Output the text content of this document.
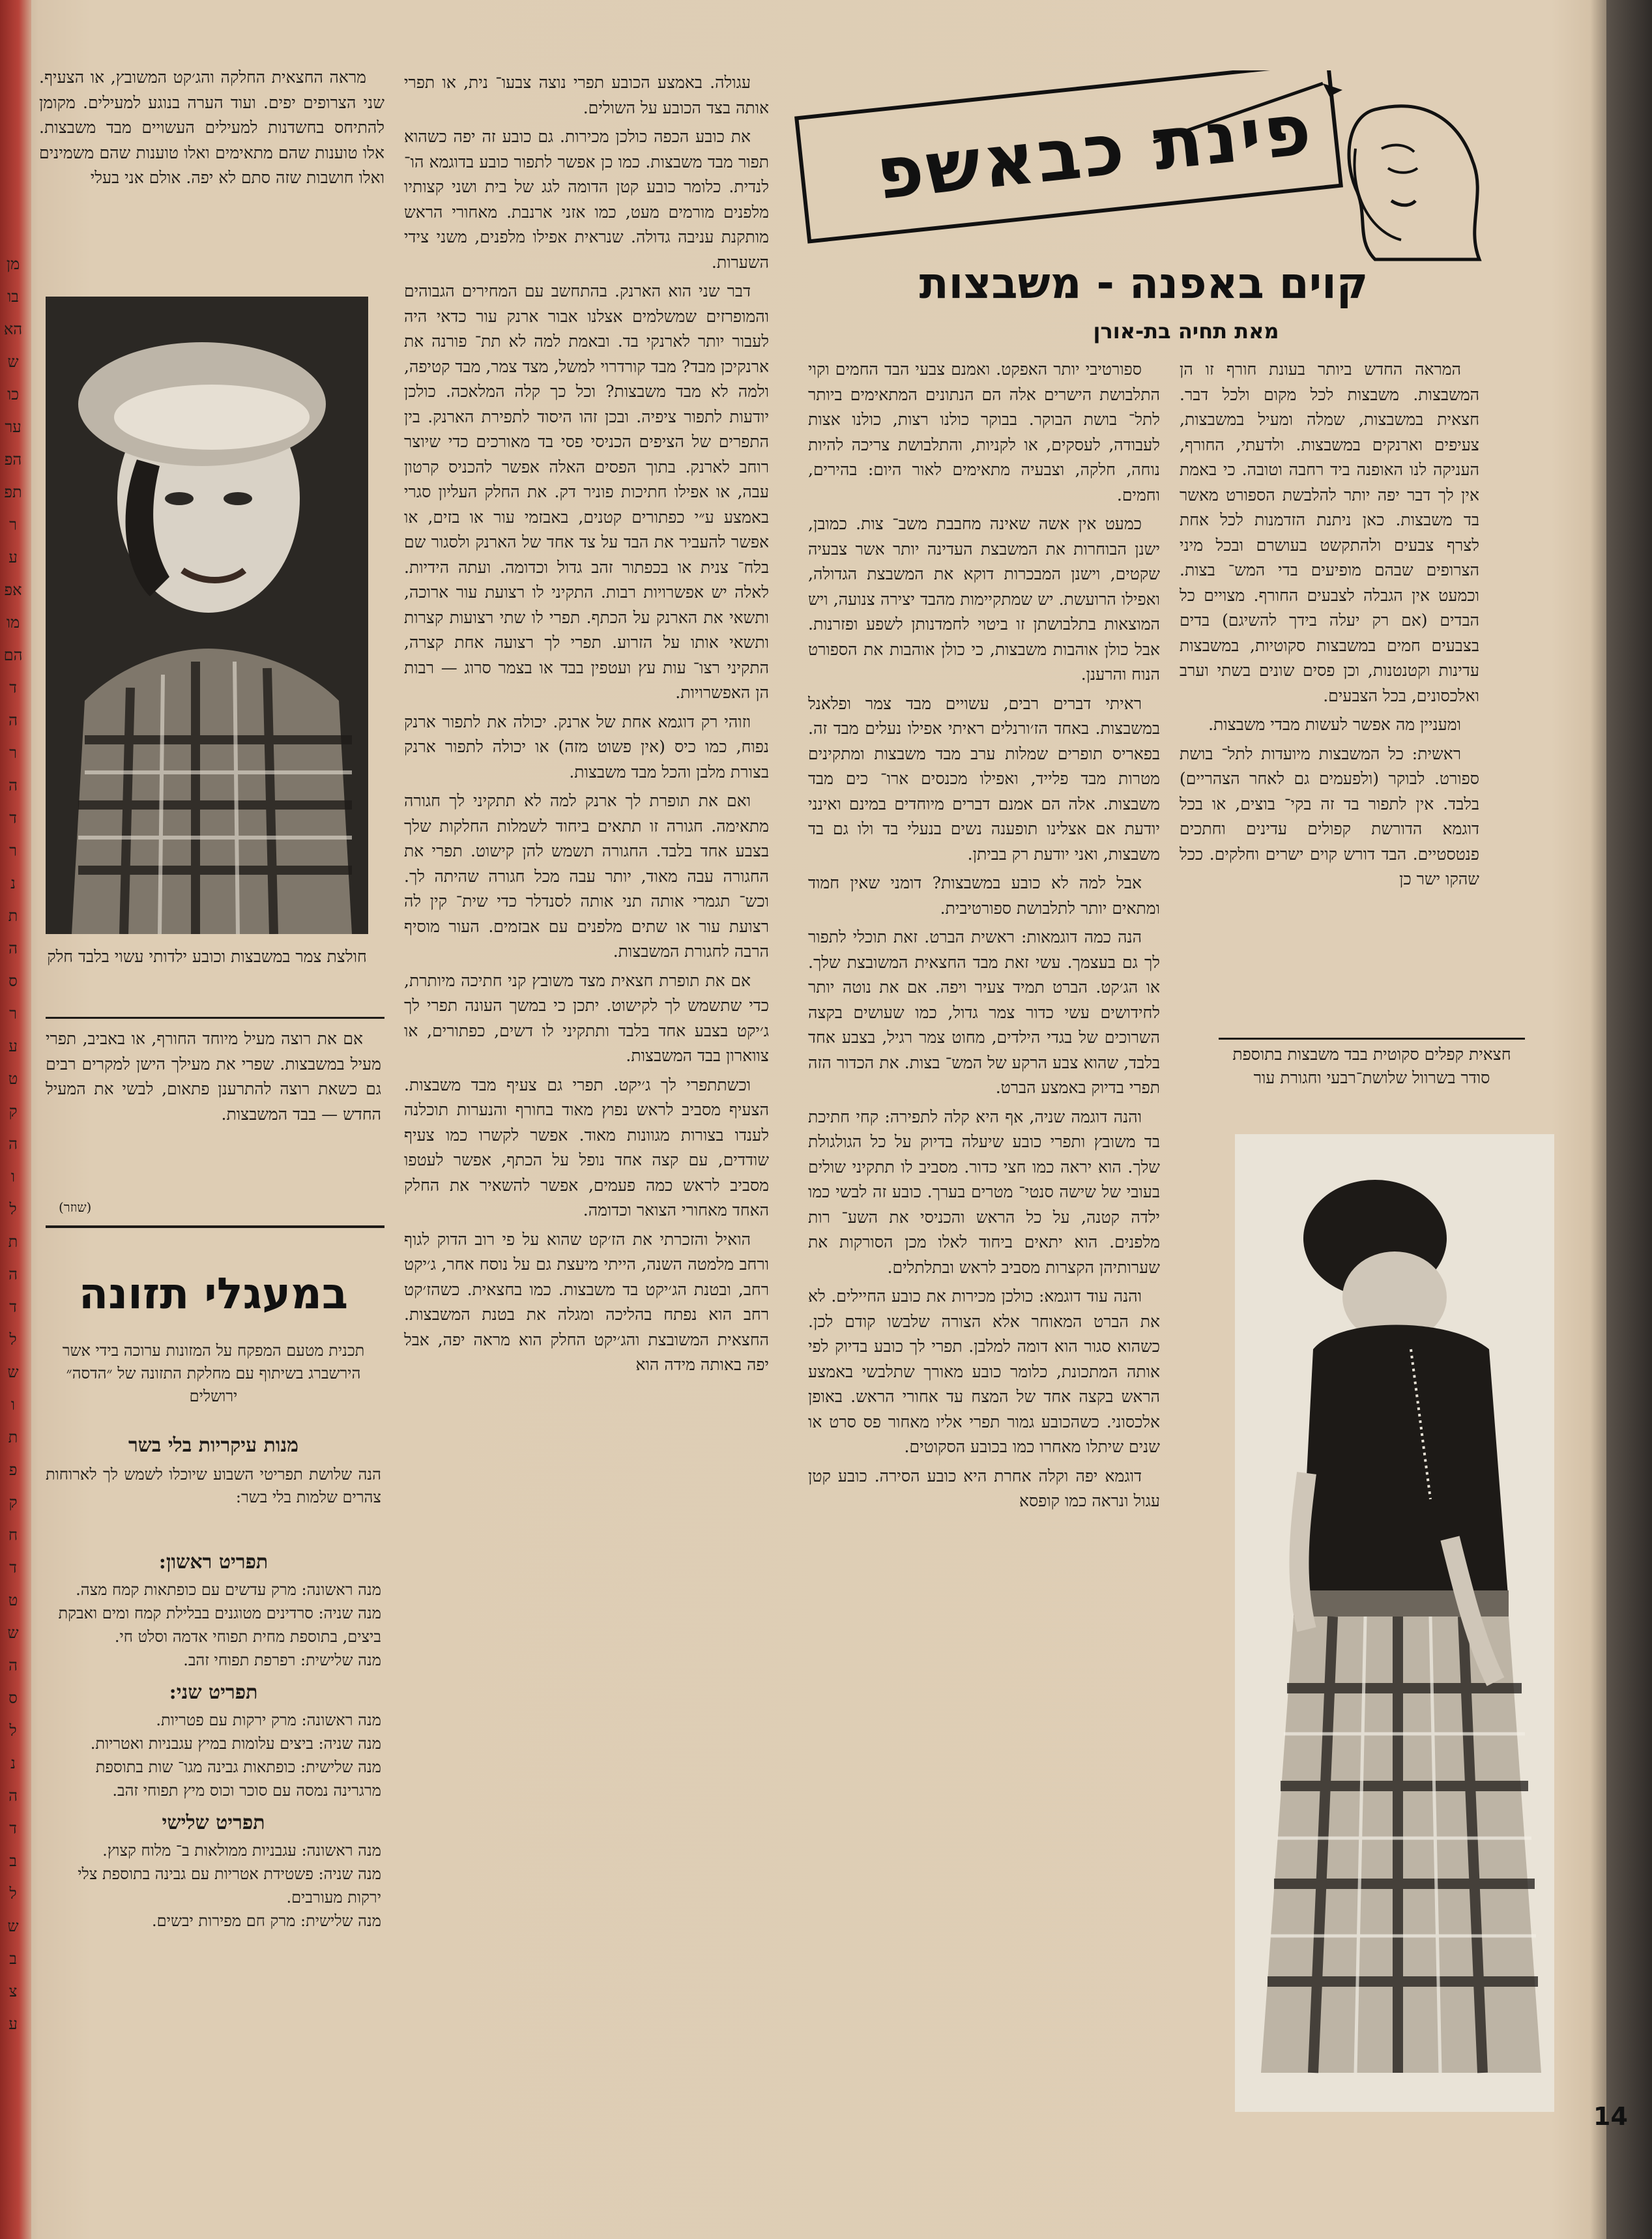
מן
בו
הא
ש
כו
ער
הפ
תפ
ר
ע
אפ
מו
הם
ד
ה
ר
ה
ד
ר
נ
ת
ה
ס
ר
ע
ט
ק
ה
ו
ל
ת
ה
ד
ל
ש
ו
ת
פ
ק
ח
ד
ט
ש
ה
ס
ל
נ
ה
ד
ב
ל
ש
ב
צ
ע
פינת כבאשפ
קוים באפנה - משבצות
מאת תחיה בת-אורן

המראה החדש ביותר בעונת חורף זו הן המשבצות. משבצות לכל מקום ולכל דבר. חצאית במשבצות, שמלה ומעיל במשבצות, צעיפים וארנקים במשבצות. ולדעתי, החורף, העניקה לנו האופנה ביד רחבה וטובה. כי באמת אין לך דבר יפה יותר להלבשת הספורט מאשר בד משבצות. כאן ניתנת הזדמנות לכל אחת לצרף צבעים ולהתקשט בעושרם ובכל מיני הצרופים שבהם מופיעים בדי המש־ בצות. וכמעט אין הגבלה לצבעים החורף. מצויים כל הבדים (אם רק יעלה בידך להשיגם) בדים בצבעים חמים במשבצות סקוטיות, במשבצות עדינות וקטנטנות, וכן פסים שונים בשתי וערב ואלכסונים, בכל הצבעים.

ומעניין מה אפשר לעשות מבדי משבצות.

ראשית: כל המשבצות מיועדות לתל־ בושת ספורט. לבוקר (ולפעמים גם לאחר הצהריים) בלבד. אין לתפור בד זה בקי־ בוצים, או בכל דוגמא הדורשת קפולים עדינים וחתכים פנטסטיים. הבד דורש קוים ישרים וחלקים. ככל שהקו ישר כן

ספורטיבי יותר האפקט. ואמנם צבעי הבד החמים וקוי התלבושת הישרים אלה הם הנתונים המתאימים ביותר לתל־ בושת הבוקר. בבוקר כולנו רצות, כולנו אצות לעבודה, לעסקים, או לקניות, והתלבושת צריכה להיות נוחה, חלקה, וצבעיה מתאימים לאור היום: בהירים, וחמים.

כמעט אין אשה שאינה מחבבת משב־ צות. כמובן, ישנן הבוחרות את המשבצת העדינה יותר אשר צבעיה שקטים, וישנן המבכרות דוקא את המשבצת הגדולה, ואפילו הרועשת. יש שמתקיימות מהבד יצירה צנועה, ויש המוצאות בתלבושתן זו ביטוי לחמדנותן לשפע ופזרנות. אבל כולן אוהבות משבצות, כי כולן אוהבות את הספורט הנוח והרענן.

ראיתי דברים רבים, עשויים מבד צמר ופלאנל במשבצות. באחד הז׳ורנלים ראיתי אפילו נעלים מבד זה. בפאריס תופרים שמלות ערב מבד משבצות ומתקינים מטרות מבד פלייד, ואפילו מכנסים ארו־ כים מבד משבצות. אלה הם אמנם דברים מיוחדים במינם ואינני יודעת אם אצלינו תופענה נשים בנעלי בד ולו גם בד משבצות, ואני יודעת רק בביתן.

אבל למה לא כובע במשבצות? דומני שאין חמוד ומתאים יותר לתלבושת ספורטיבית.

הנה כמה דוגמאות: ראשית הברט. זאת תוכלי לתפור לך גם בעצמך. עשי זאת מבד החצאית המשובצת שלך. או הג׳קט. הברט תמיד צעיר ויפה. אם את נוטה יותר לחידושים עשי כדור צמר גדול, כמו שעושים בקצה השרוכים של בגדי הילדים, מחוט צמר רגיל, בצבע אחד בלבד, שהוא צבע הרקע של המש־ בצות. את הכדור הזה תפרי בדיוק באמצע הברט.

והנה דוגמה שניה, אף היא קלה לתפירה: קחי חתיכת בד משובץ ותפרי כובע שיעלה בדיוק על כל הגולגולת שלך. הוא יראה כמו חצי כדור. מסביב לו תתקיני שולים בעובי של שישה סנטי־ מטרים בערך. כובע זה לבשי כמו ילדה קטנה, על כל הראש והכניסי את השע־ רות מלפנים. הוא יתאים ביחוד לאלו מכן הסורקות את שערותיהן הקצרות מסביב לראש ובתלתלים.

והנה עוד דוגמא: כולכן מכירות את כובע החיילים. לא את הברט המאוחר אלא הצורה שלבשו קודם לכן. כשהוא סגור הוא דומה למלבן. תפרי לך כובע בדיוק לפי אותה המתכונת, כלומר כובע מאורך שתלבשי באמצע הראש בקצה אחד של המצח עד אחורי הראש. באופן אלכסוני. כשהכובע גמור תפרי אליו מאחור פס סרט או שנים שיתלו מאחרו כמו בכובע הסקוטים.

דוגמא יפה וקלה אחרת היא כובע הסירה. כובע קטן עגול ונראה כמו קופסא

עגולה. באמצע הכובע תפרי נוצה צבעו־ נית, או תפרי אותה בצד הכובע על השולים.

את כובע הכפה כולכן מכירות. גם כובע זה יפה כשהוא תפור מבד משבצות. כמו כן אפשר לתפור כובע בדוגמא הו־ לנדית. כלומר כובע קטן הדומה לגג של בית ושני קצותיו מלפנים מורמים מעט, כמו אזני ארנבת. מאחורי הראש מותקנת עניבה גדולה. שנראית אפילו מלפנים, משני צידי השערות.

דבר שני הוא הארנק. בהתחשב עם המחירים הגבוהים והמופרזים שמשלמים אצלנו אבור ארנק עור כדאי היה לעבור יותר לארנקי בד. ובאמת למה לא תת־ פורנה את ארנקיכן מבד? מבד קורדרוי למשל, מצד צמר, מבד קטיפה, ולמה לא מבד משבצות? וכל כך קלה המלאכה. כולכן יודעות לתפור ציפיה. ובכן זהו היסוד לתפירת הארנק. בין התפרים של הציפים הכניסי פסי בד מאורכים כדי שיוצר רוחב לארנק. בתוך הפסים האלה אפשר להכניס קרטון עבה, או אפילו חתיכות פוניר דק. את החלק העליון סגרי באמצע ע״י כפתורים קטנים, באבזמי עור או בזים, או אפשר להעביר את הבד על צד אחד של הארנק ולסגור שם בלח־ צנית או בכפתור זהב גדול וכדומה. ועתה הידיות. לאלה יש אפשרויות רבות. התקיני לו רצועת עור ארוכה, ותשאי את הארנק על הכתף. תפרי לו שתי רצועות קצרות ותשאי אותו על הזרוע. תפרי לך רצועה אחת קצרה, התקיני רצו־ עות עץ ועטפין בבד או בצמר סרוג — רבות הן האפשרויות.

וזוהי רק דוגמא אחת של ארנק. יכולה את לתפור ארנק נפוח, כמו כיס (אין פשוט מזה) או יכולה לתפור ארנק בצורת מלבן והכל מבד משבצות.

ואם את תופרת לך ארנק למה לא תתקיני לך חגורה מתאימה. חגורה זו תתאים ביחוד לשמלות החלקות שלך בצבע אחד בלבד. החגורה תשמש להן קישוט. תפרי את החגורה עבה מאוד, יותר עבה מכל חגורה שהיתה לך. וכש־ תגמרי אותה תני אותה לסנדלר כדי שית־ קין לה רצועת עור או שתים מלפנים עם אבזמים. העור מוסיף הרבה לחגורת המשבצות.

אם את תופרת חצאית מצד משובץ קני חתיכה מיותרת, כדי שתשמש לך לקישוט. יתכן כי במשך העונה תפרי לך ג׳יקט בצבע אחד בלבד ותתקיני לו דשים, כפתורים, או צווארון בבד המשבצות.

וכשתתפרי לך ג׳יקט. תפרי גם צעיף מבד משבצות. הצעיף מסביב לראש נפוץ מאוד בחורף והנערות תוכלנה לענדו בצורות מגוונות מאוד. אפשר לקשרו כמו צעיף שודדים, עם קצה אחד נופל על הכתף, אפשר לעטפו מסביב לראש כמה פעמים, אפשר להשאיר את החלק האחד מאחורי הצואר וכדומה.

הואיל והזכרתי את הז׳קט שהוא על פי רוב הדוק לגוף ורחב מלמטה השנה, הייתי מיעצת גם על נוסח אחר, ג׳יקט רחב, ובטנת הג׳יקט בד משבצות. כמו בחצאית. כשהז׳קט רחב הוא נפתח בהליכה ומגלה את בטנת המשבצות. החצאית המשובצת והג׳יקט החלק הוא מראה יפה, אבל יפה באותה מידה הוא

מראה החצאית החלקה והג׳קט המשובץ, או הצעיף. שני הצרופים יפים. ועוד הערה בנוגע למעילים. מקומן להתיחס בחשדנות למעילים העשויים מבד משבצות. אלו טוענות שהם מתאימים ואלו טוענות שהם משמינים ואלו חושבות שזה סתם לא יפה. אולם אני בעלי

חולצת צמר במשבצות וכובע ילדותי עשוי בלבד חלק

אם את רוצה מעיל מיוחד החורף, או באביב, תפרי מעיל במשבצות. שפרי את מעילך הישן למקרים רבים גם כשאת רוצה להתרענן פתאום, לבשי את המעיל החדש — בבד המשבצות.

(שוזר)
במעגלי תזונה
תכנית מטעם המפקח על המזונות ערוכה בידי אשר הירשברג בשיתוף עם מחלקת התזונה של ״הדסה״ ירושלים
מנות עיקריות בלי בשר
הנה שלושת תפריטי השבוע שיוכלו לשמש לך לארוחות צהרים שלמות בלי בשר:
תפריט ראשון:

מנה ראשונה: מרק עדשים עם כופתאות קמח מצה.

מנה שניה: סרדינים מטוגנים בבלילת קמח ומים ואבקת ביצים, בתוספת מחית תפוחי אדמה וסלט חי.

מנה שלישית: רפרפת תפוחי זהב.

תפריט שני:

מנה ראשונה: מרק ירקות עם פטריות.

מנה שניה: ביצים עלומות במיץ עגבניות ואטריות.

מנה שלישית: כופתאות גבינה מגו־ שות בתוספת מרגרינה נמסה עם סוכר וכוס מיץ תפוחי זהב.

תפריט שלישי

מנה ראשונה: עגבניות ממולאות ב־ מלוח קצוץ.

מנה שניה: פשטידת אטריות עם גבינה בתוספת צלי ירקות מעורבים.

מנה שלישית: מרק חם מפירות יבשים.

חצאית קפלים סקוטית בבד משבצות בתוספת סודר בשרוול שלושת־רבעי וחגורת עור
14
